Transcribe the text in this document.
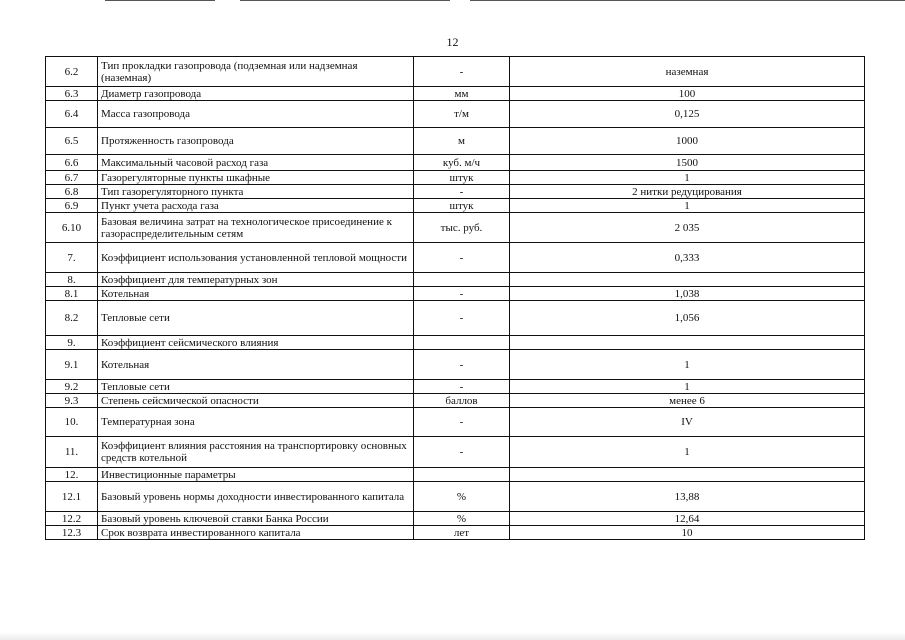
12
6.2	Тип прокладки газопровода (подземная или надземная (наземная)	-	наземная
6.3	Диаметр газопровода	мм	100
6.4	Масса газопровода	т/м	0,125
6.5	Протяженность газопровода	м	1000
6.6	Максимальный часовой расход газа	куб. м/ч	1500
6.7	Газорегуляторные пункты шкафные	штук	1
6.8	Тип газорегуляторного пункта	-	2 нитки редуцирования
6.9	Пункт учета расхода газа	штук	1
6.10	Базовая величина затрат на технологическое присоединение к газораспределительным сетям	тыс. руб.	2 035
7.	Коэффициент использования установленной тепловой мощности	-	0,333
8.	Коэффициент для температурных зон		
8.1	Котельная	-	1,038
8.2	Тепловые сети	-	1,056
9.	Коэффициент сейсмического влияния		
9.1	Котельная	-	1
9.2	Тепловые сети	-	1
9.3	Степень сейсмической опасности	баллов	менее 6
10.	Температурная зона	-	IV
11.	Коэффициент влияния расстояния на транспортировку основных средств котельной	-	1
12.	Инвестиционные параметры		
12.1	Базовый уровень нормы доходности инвестированного капитала	%	13,88
12.2	Базовый уровень ключевой ставки Банка России	%	12,64
12.3	Срок возврата инвестированного капитала	лет	10
